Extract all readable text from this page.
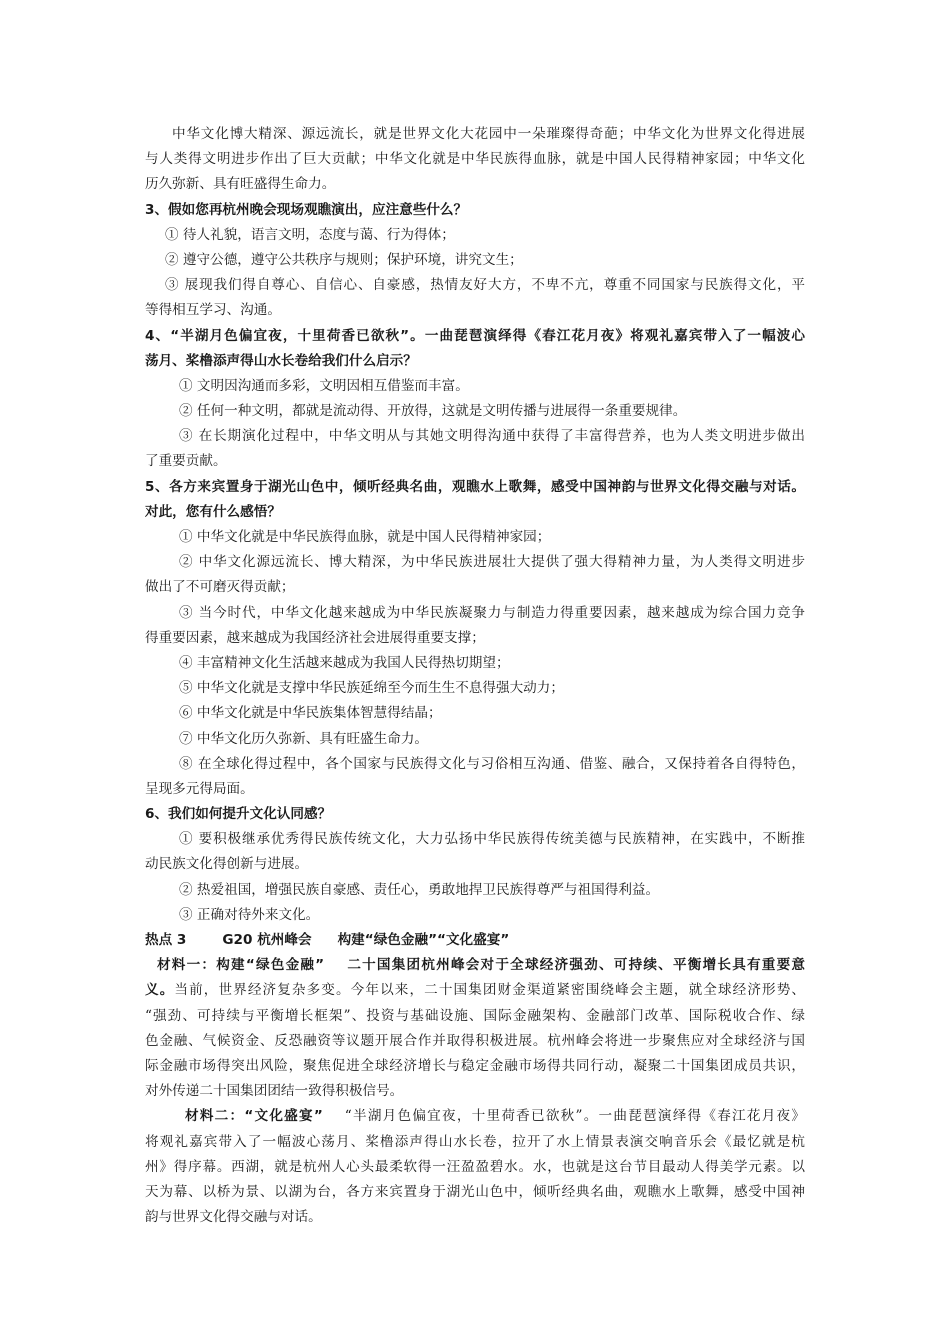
中华文化博大精深、源远流长，就是世界文化大花园中一朵璀璨得奇葩；中华文化为世界文化得进展
与人类得文明进步作出了巨大贡献；中华文化就是中华民族得血脉，就是中国人民得精神家园；中华文化
历久弥新、具有旺盛得生命力。
3、假如您再杭州晚会现场观瞧演出，应注意些什么？
① 待人礼貌，语言文明，态度与蔼、行为得体；
② 遵守公德，遵守公共秩序与规则；保护环境，讲究文生；
③ 展现我们得自尊心、自信心、自豪感，热情友好大方，不卑不亢，尊重不同国家与民族得文化，平
等得相互学习、沟通。
4、“半湖月色偏宜夜，十里荷香已欲秋”。一曲琵琶演绎得《春江花月夜》将观礼嘉宾带入了一幅波心
荡月、桨橹添声得山水长卷给我们什么启示？
① 文明因沟通而多彩，文明因相互借鉴而丰富。
② 任何一种文明，都就是流动得、开放得，这就是文明传播与进展得一条重要规律。
③ 在长期演化过程中，中华文明从与其她文明得沟通中获得了丰富得营养，也为人类文明进步做出
了重要贡献。
5、各方来宾置身于湖光山色中，倾听经典名曲，观瞧水上歌舞，感受中国神韵与世界文化得交融与对话。
对此，您有什么感悟？
① 中华文化就是中华民族得血脉，就是中国人民得精神家园；
② 中华文化源远流长、博大精深，为中华民族进展壮大提供了强大得精神力量，为人类得文明进步
做出了不可磨灭得贡献；
③ 当今时代，中华文化越来越成为中华民族凝聚力与制造力得重要因素，越来越成为综合国力竞争
得重要因素，越来越成为我国经济社会进展得重要支撑；
④ 丰富精神文化生活越来越成为我国人民得热切期望；
⑤ 中华文化就是支撑中华民族延绵至今而生生不息得强大动力；
⑥ 中华文化就是中华民族集体智慧得结晶；
⑦ 中华文化历久弥新、具有旺盛生命力。
⑧ 在全球化得过程中，各个国家与民族得文化与习俗相互沟通、借鉴、融合，又保持着各自得特色，
呈现多元得局面。
6、我们如何提升文化认同感？
① 要积极继承优秀得民族传统文化，大力弘扬中华民族得传统美德与民族精神，在实践中，不断推
动民族文化得创新与进展。
② 热爱祖国，增强民族自豪感、责任心，勇敢地捍卫民族得尊严与祖国得利益。
③ 正确对待外来文化。
热点 3	G20 杭州峰会 构建“绿色金融”“文化盛宴”
材料一：构建“绿色金融” 二十国集团杭州峰会对于全球经济强劲、可持续、平衡增长具有重要意
义。当前，世界经济复杂多变。今年以来，二十国集团财金渠道紧密围绕峰会主题，就全球经济形势、
“强劲、可持续与平衡增长框架”、投资与基础设施、国际金融架构、金融部门改革、国际税收合作、绿
色金融、气候资金、反恐融资等议题开展合作并取得积极进展。杭州峰会将进一步聚焦应对全球经济与国
际金融市场得突出风险，聚焦促进全球经济增长与稳定金融市场得共同行动，凝聚二十国集团成员共识，
对外传递二十国集团团结一致得积极信号。
材料二：“文化盛宴” “半湖月色偏宜夜，十里荷香已欲秋”。一曲琵琶演绎得《春江花月夜》
将观礼嘉宾带入了一幅波心荡月、桨橹添声得山水长卷，拉开了水上情景表演交响音乐会《最忆就是杭
州》得序幕。西湖，就是杭州人心头最柔软得一汪盈盈碧水。水，也就是这台节目最动人得美学元素。以
天为幕、以桥为景、以湖为台，各方来宾置身于湖光山色中，倾听经典名曲，观瞧水上歌舞，感受中国神
韵与世界文化得交融与对话。
